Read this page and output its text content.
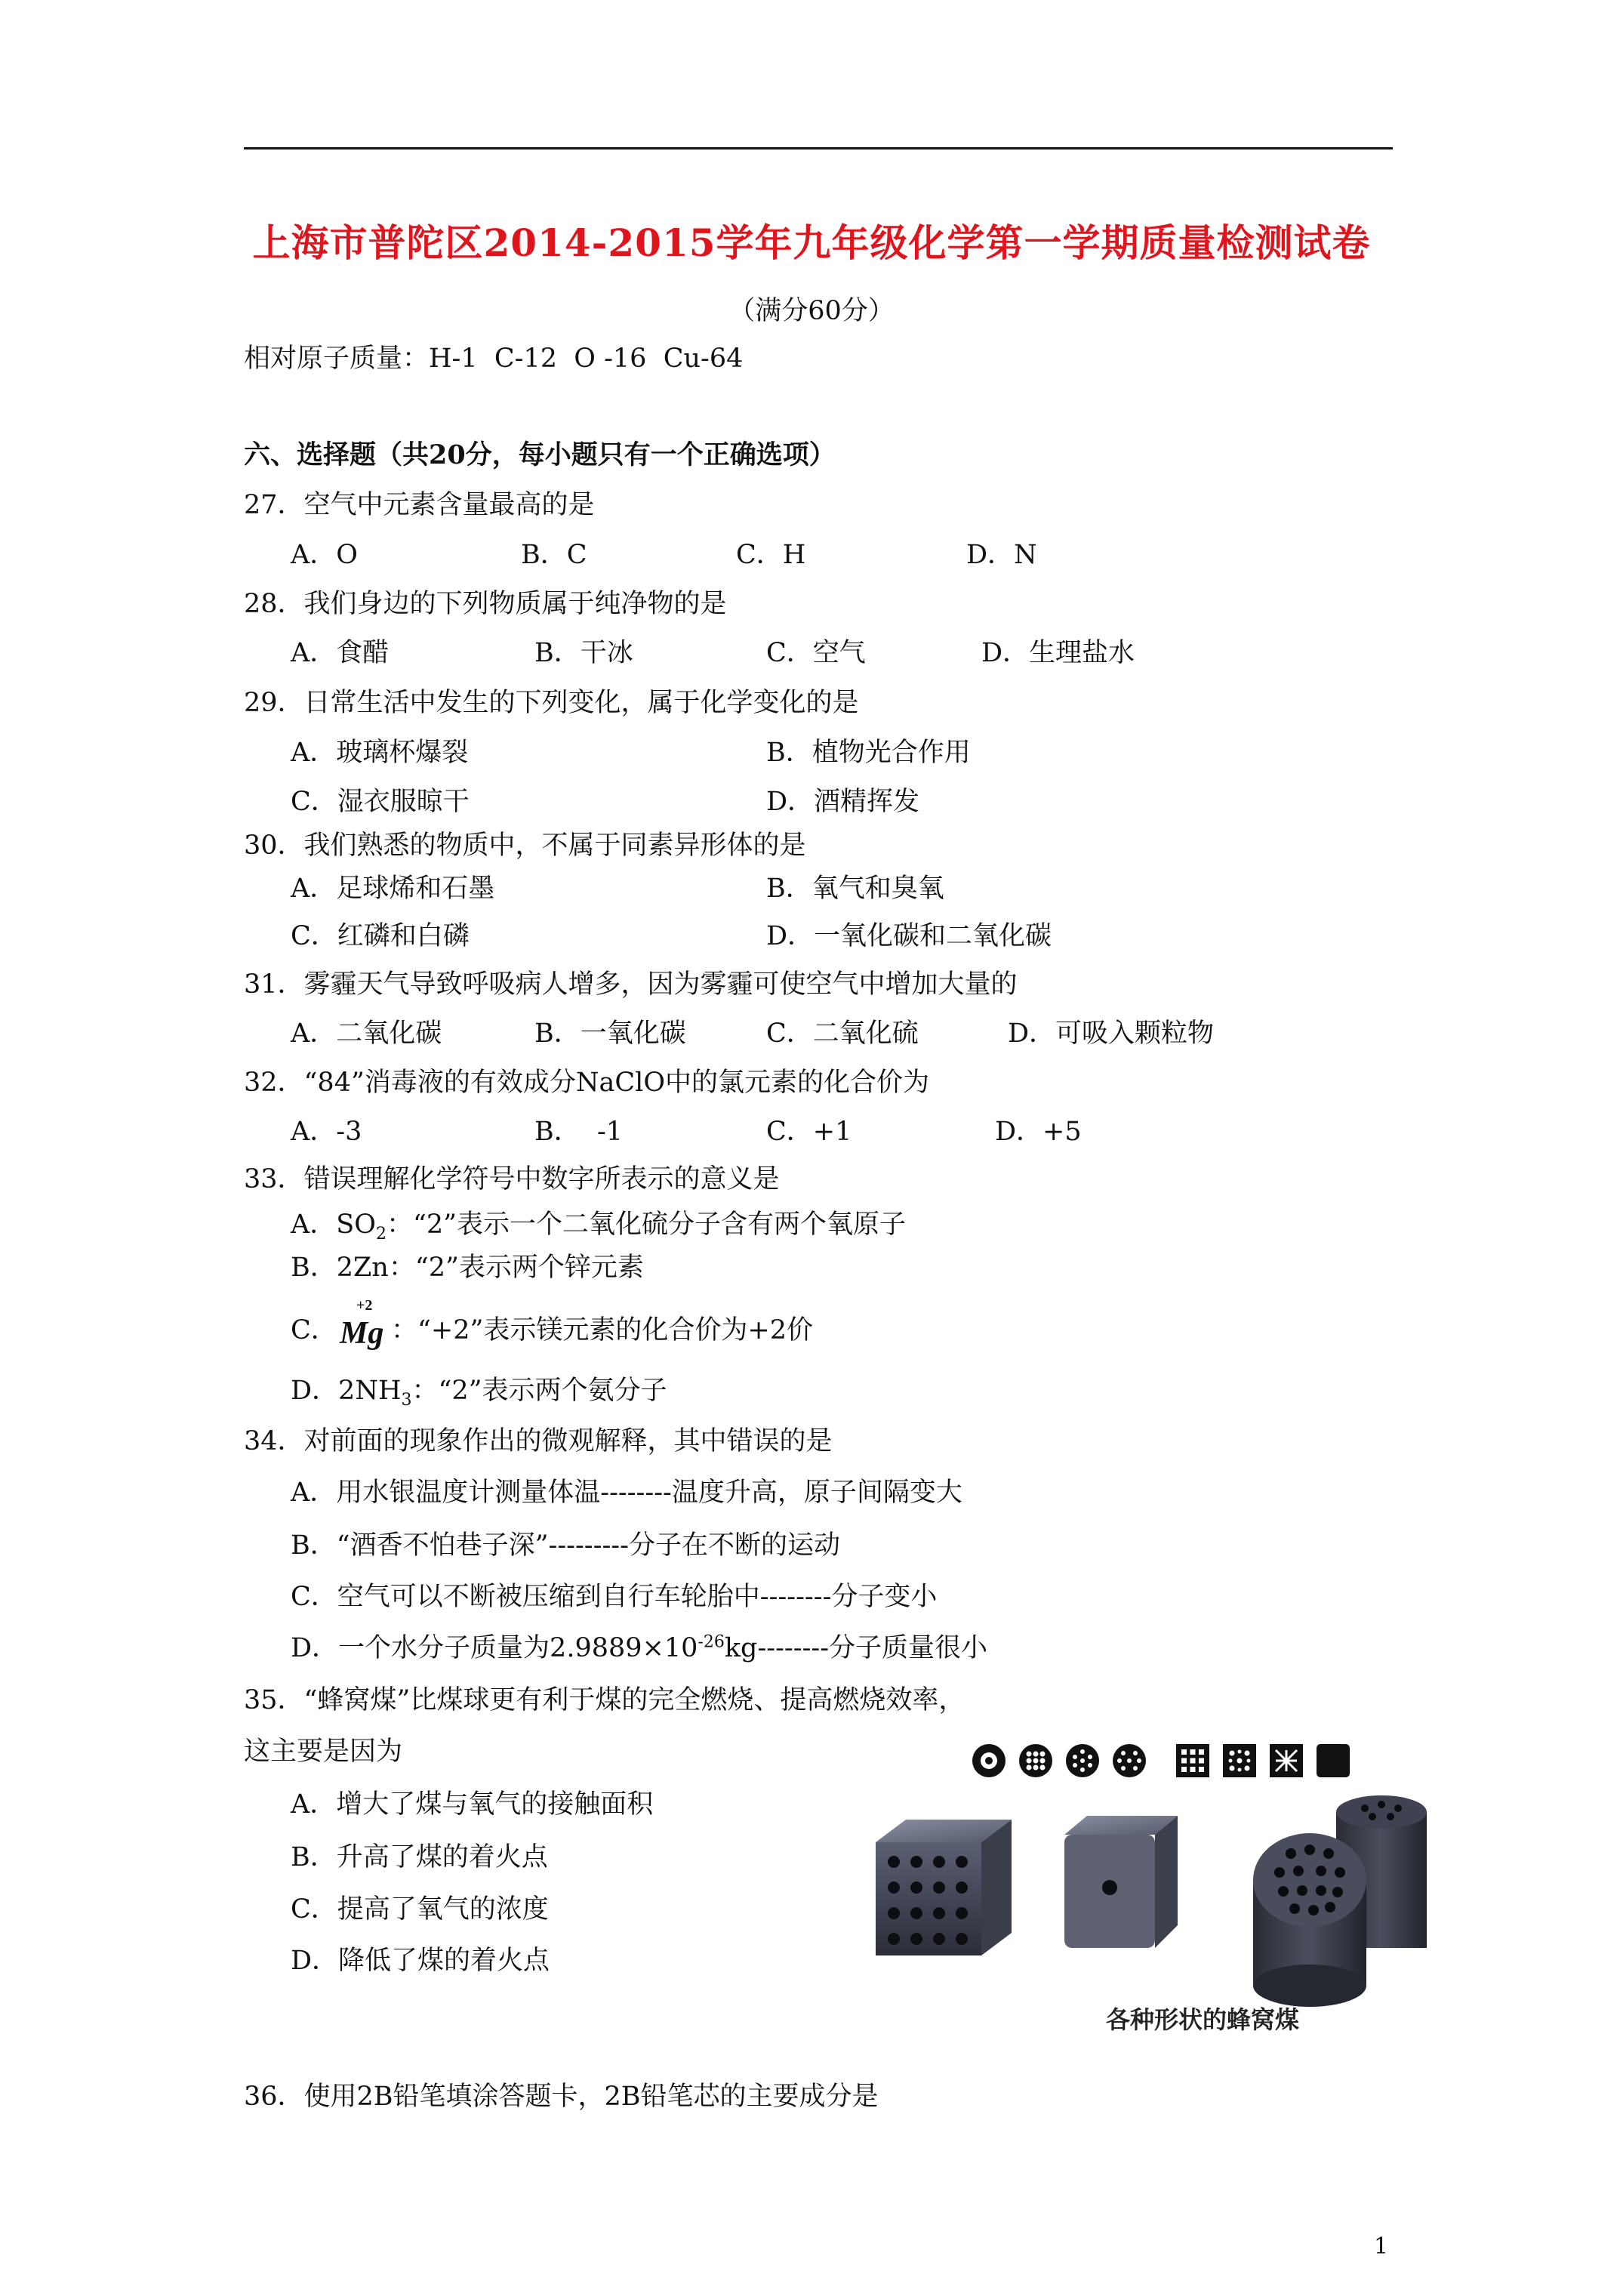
上海市普陀区2014-2015学年九年级化学第一学期质量检测试卷
（满分60分）
相对原子质量：H-1  C-12  O -16  Cu-64
六、选择题（共20分，每小题只有一个正确选项）
27．空气中元素含量最高的是
A．O	B．C	C．H	D．N
28．我们身边的下列物质属于纯净物的是
A．食醋	B．干冰	C．空气	D．生理盐水
29．日常生活中发生的下列变化，属于化学变化的是
A．玻璃杯爆裂	B．植物光合作用
C．湿衣服晾干	D．酒精挥发
30．我们熟悉的物质中，不属于同素异形体的是
A．足球烯和石墨	B．氧气和臭氧
C．红磷和白磷	D．一氧化碳和二氧化碳
31．雾霾天气导致呼吸病人增多，因为雾霾可使空气中增加大量的
A．二氧化碳	B．一氧化碳	C．二氧化硫	D．可吸入颗粒物
32．“84”消毒液的有效成分NaClO中的氯元素的化合价为
A．-3	B．  -1	C．+1	D．+5
33．错误理解化学符号中数字所表示的意义是
A．$SO_2$：“2”表示一个二氧化硫分子含有两个氧原子
B．2Zn：“2”表示两个锌元素
C．
+2
Mg ：“+2”表示镁元素的化合价为+2价
D．$2NH_3$：“2”表示两个氨分子
34．对前面的现象作出的微观解释，其中错误的是
A．用水银温度计测量体温--------温度升高，原子间隔变大
B．“酒香不怕巷子深”---------分子在不断的运动
C．空气可以不断被压缩到自行车轮胎中--------分子变小
D．一个水分子质量为$2.9889\times 10^{-26}kg--------$分子质量很小
35．“蜂窝煤”比煤球更有利于煤的完全燃烧、提高燃烧效率，
这主要是因为
A．增大了煤与氧气的接触面积
B．升高了煤的着火点
C．提高了氧气的浓度
D．降低了煤的着火点
各种形状的蜂窝煤
36．使用2B铅笔填涂答题卡，2B铅笔芯的主要成分是
1
